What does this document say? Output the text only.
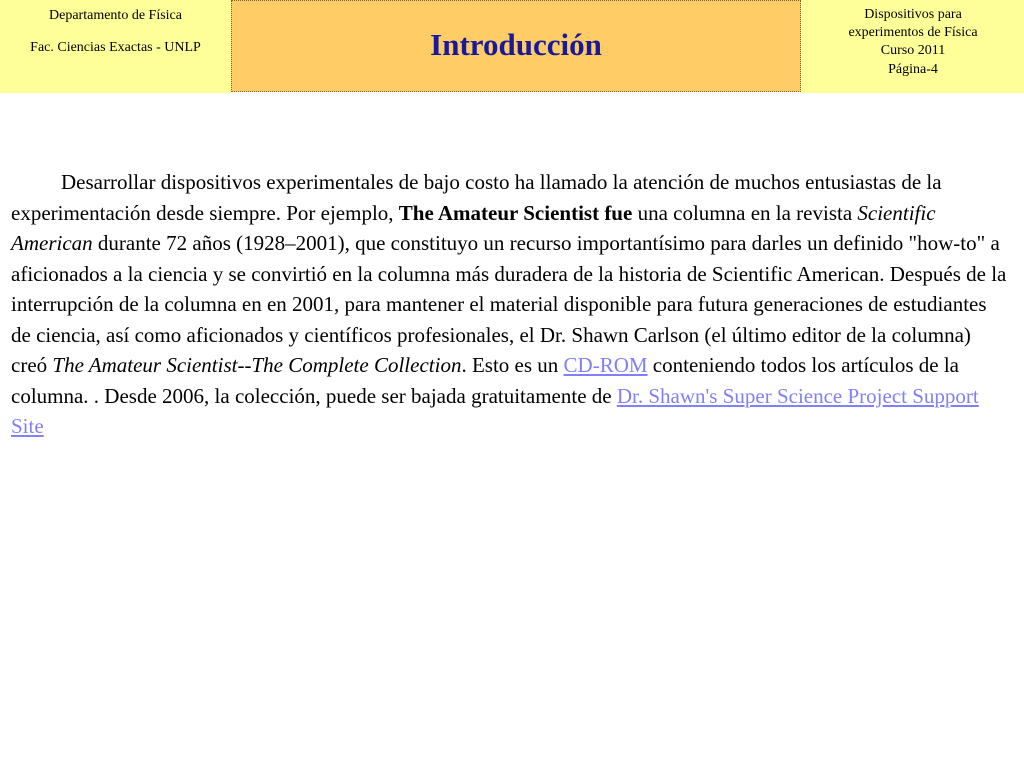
Departamento de Física
Fac. Ciencias Exactas - UNLP	Introducción
Dispositivos para
experimentos de Física
Curso 2011
Página-4
Desarrollar dispositivos experimentales de bajo costo ha llamado la atención de muchos entusiastas de la experimentación desde siempre. Por ejemplo, The Amateur Scientist fue una columna en la revista Scientific American durante 72 años (1928–2001), que constituyo un recurso importantísimo para darles un definido "how-to" a aficionados a la ciencia y se convirtió en la columna más duradera de la historia de Scientific American. Después de la interrupción de la columna en en 2001, para mantener el material disponible para futura generaciones de estudiantes de ciencia, así como aficionados y científicos profesionales, el Dr. Shawn Carlson (el último editor de la columna) creó The Amateur Scientist--The Complete Collection. Esto es un CD-ROM conteniendo todos los artículos de la columna. . Desde 2006, la colección, puede ser bajada gratuitamente de Dr. Shawn's Super Science Project Support Site
